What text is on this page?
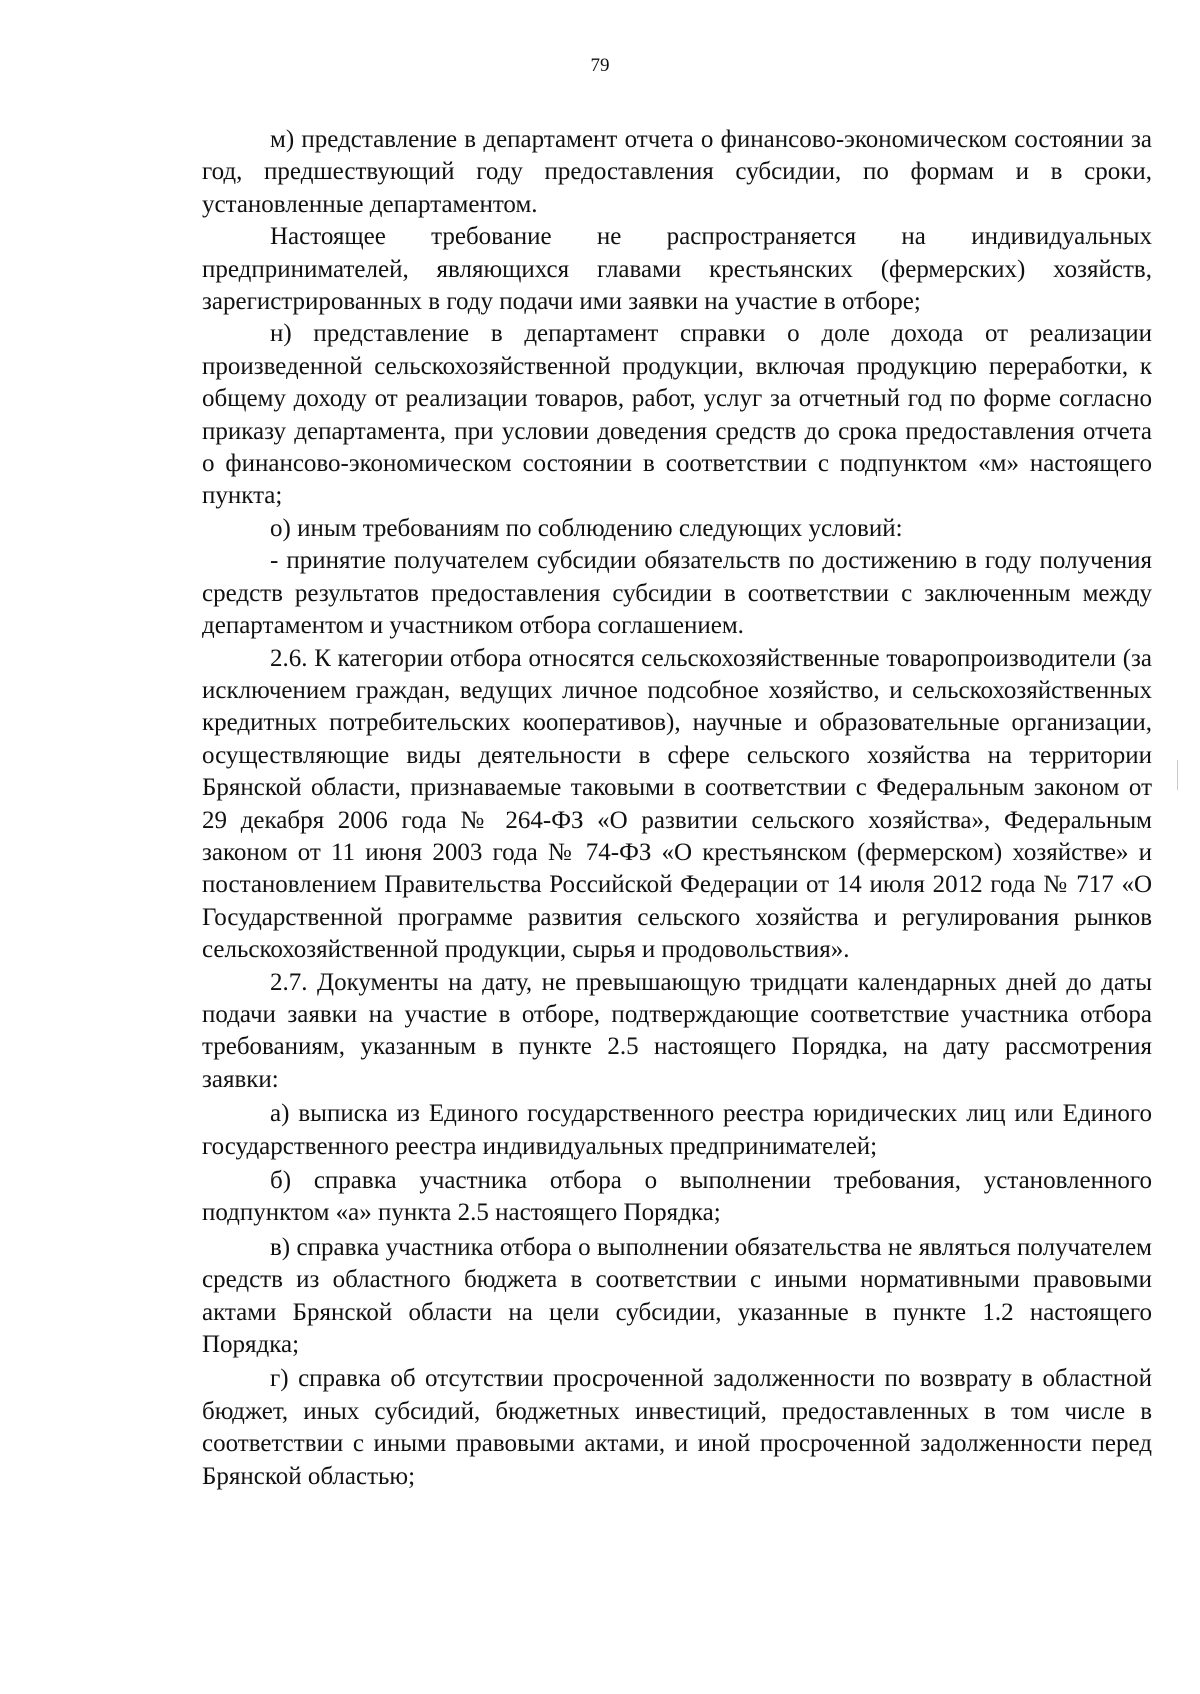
79

м) представление в департамент отчета о финансово-экономическом состоянии за год, предшествующий году предоставления субсидии, по формам и в сроки, установленные департаментом.

Настоящее требование не распространяется на индивидуальных предпринимателей, являющихся главами крестьянских (фермерских) хозяйств, зарегистрированных в году подачи ими заявки на участие в отборе;

н) представление в департамент справки о доле дохода от реализации произведенной сельскохозяйственной продукции, включая продукцию переработки, к общему доходу от реализации товаров, работ, услуг за отчетный год по форме согласно приказу департамента, при условии доведения средств до срока предоставления отчета о финансово-экономическом состоянии в соответствии с подпунктом «м» настоящего пункта;

о) иным требованиям по соблюдению следующих условий:

- принятие получателем субсидии обязательств по достижению в году получения средств результатов предоставления субсидии в соответствии с заключенным между департаментом и участником отбора соглашением.

2.6. К категории отбора относятся сельскохозяйственные товаропроизводители (за исключением граждан, ведущих личное подсобное хозяйство, и сельскохозяйственных кредитных потребительских кооперативов), научные и образовательные организации, осуществляющие виды деятельности в сфере сельского хозяйства на территории Брянской области, признаваемые таковыми в соответствии с Федеральным законом от 29 декабря 2006 года № 264-ФЗ «О развитии сельского хозяйства», Федеральным законом от 11 июня 2003 года № 74-ФЗ «О крестьянском (фермерском) хозяйстве» и постановлением Правительства Российской Федерации от 14 июля 2012 года № 717 «О Государственной программе развития сельского хозяйства и регулирования рынков сельскохозяйственной продукции, сырья и продовольствия».

2.7. Документы на дату, не превышающую тридцати календарных дней до даты подачи заявки на участие в отборе, подтверждающие соответствие участника отбора требованиям, указанным в пункте 2.5 настоящего Порядка, на дату рассмотрения заявки:

а) выписка из Единого государственного реестра юридических лиц или Единого государственного реестра индивидуальных предпринимателей;

б) справка участника отбора о выполнении требования, установленного подпунктом «а» пункта 2.5 настоящего Порядка;

в) справка участника отбора о выполнении обязательства не являться получателем средств из областного бюджета в соответствии с иными нормативными правовыми актами Брянской области на цели субсидии, указанные в пункте 1.2 настоящего Порядка;

г) справка об отсутствии просроченной задолженности по возврату в областной бюджет, иных субсидий, бюджетных инвестиций, предоставленных в том числе в соответствии с иными правовыми актами, и иной просроченной задолженности перед Брянской областью;
